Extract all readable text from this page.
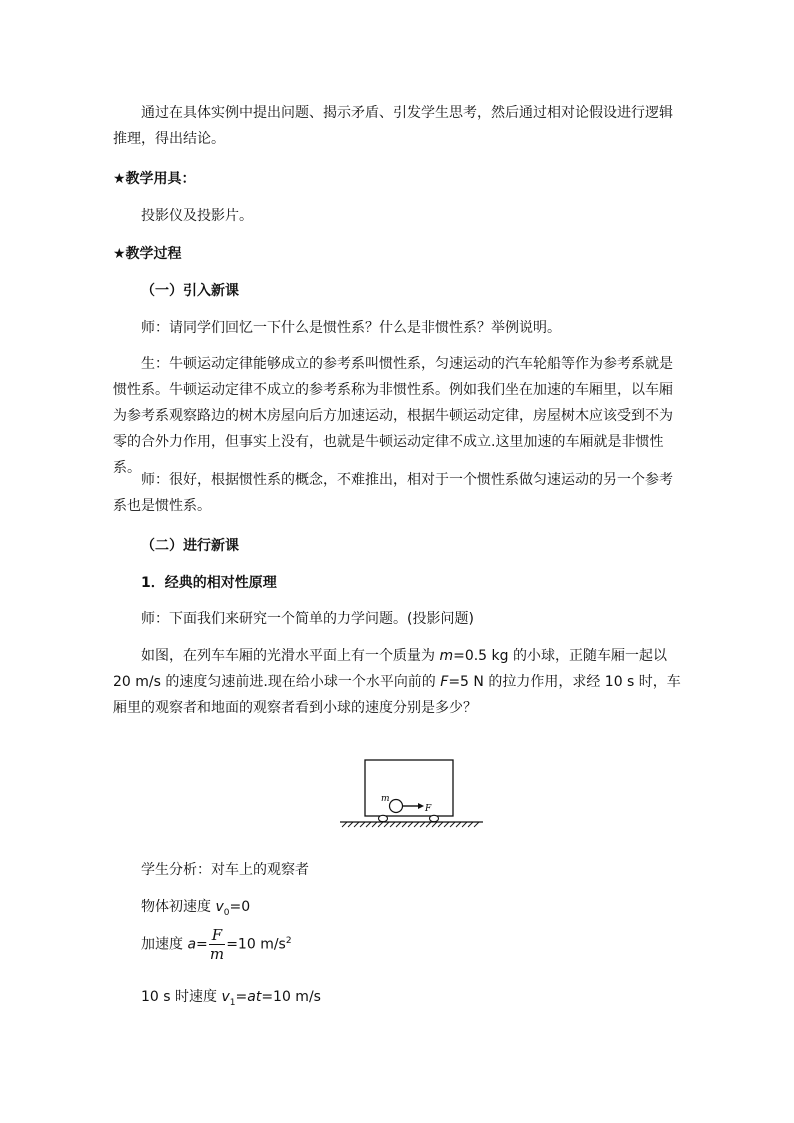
通过在具体实例中提出问题、揭示矛盾、引发学生思考，然后通过相对论假设进行逻辑推理，得出结论。

★教学用具：

投影仪及投影片。

★教学过程

（一）引入新课

师：请同学们回忆一下什么是惯性系？什么是非惯性系？举例说明。

生：牛顿运动定律能够成立的参考系叫惯性系，匀速运动的汽车轮船等作为参考系就是惯性系。牛顿运动定律不成立的参考系称为非惯性系。例如我们坐在加速的车厢里，以车厢为参考系观察路边的树木房屋向后方加速运动，根据牛顿运动定律，房屋树木应该受到不为零的合外力作用，但事实上没有，也就是牛顿运动定律不成立.这里加速的车厢就是非惯性系。

师：很好，根据惯性系的概念，不难推出，相对于一个惯性系做匀速运动的另一个参考系也是惯性系。

（二）进行新课

1．经典的相对性原理

师：下面我们来研究一个简单的力学问题。(投影问题)

如图，在列车车厢的光滑水平面上有一个质量为 m=0.5 kg 的小球，正随车厢一起以 20 m/s 的速度匀速前进.现在给小球一个水平向前的 F=5 N 的拉力作用，求经 10 s 时，车厢里的观察者和地面的观察者看到小球的速度分别是多少？

m
F

学生分析：对车上的观察者

物体初速度 $v_0=0$

加速度 $a= \frac{F}{m} =10$ $m/s^2$

10 s 时速度 $v_1=at=10$ m/s
